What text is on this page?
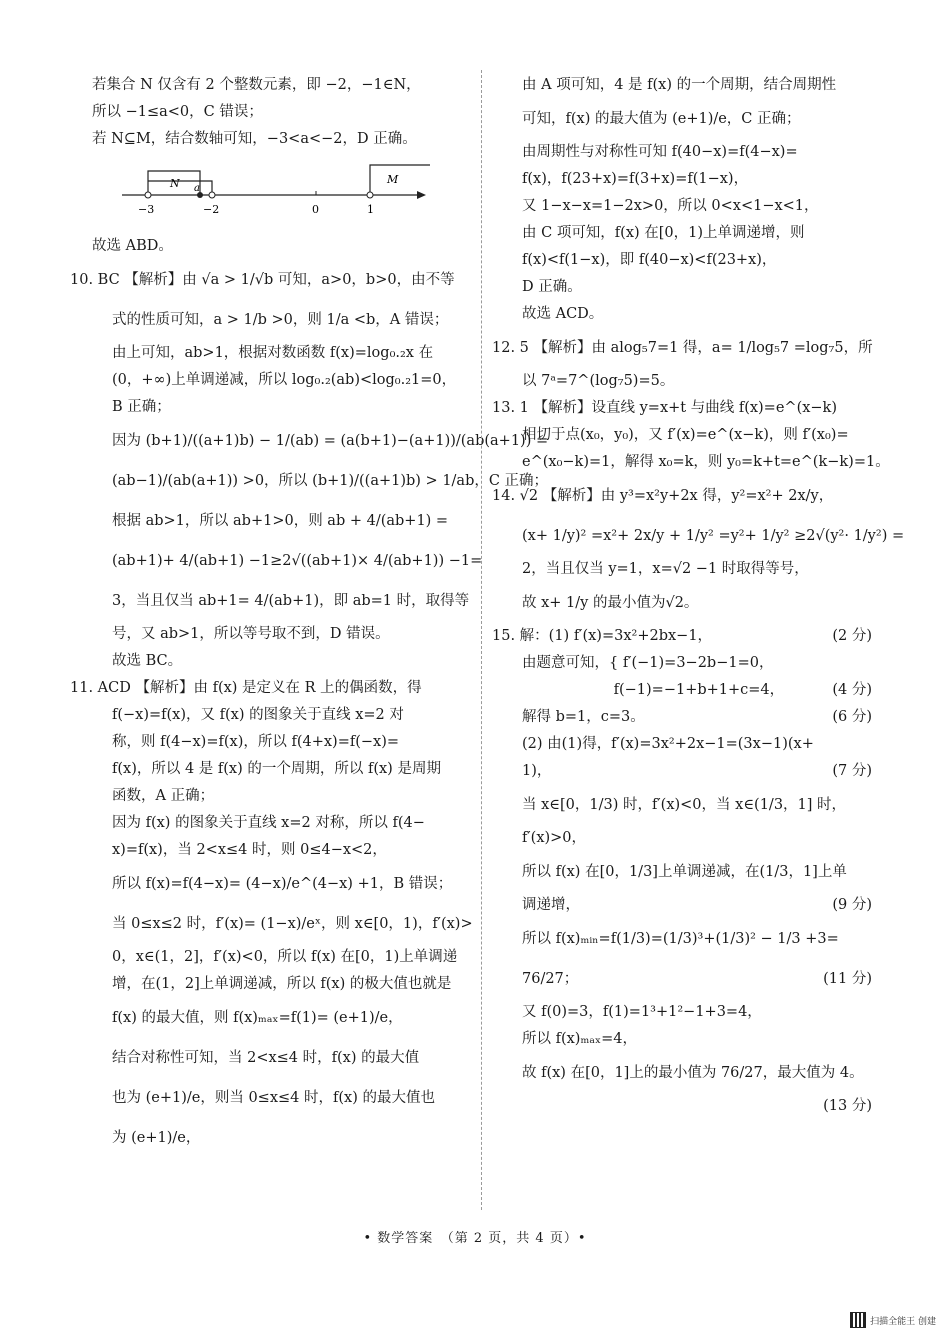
若集合 N 仅含有 2 个整数元素，即 −2，−1∈N，
所以 −1≤a<0，C 错误；
若 N⊆M，结合数轴可知，−3<a<−2，D 正确。
−3	−2	0	1
N a
M
故选 ABD。
10. BC 【解析】由 √a > 1/√b 可知，a>0，b>0，由不等
式的性质可知，a > 1/b >0，则 1/a <b，A 错误；
由上可知，ab>1，根据对数函数 f(x)=log₀.₂x 在
(0，+∞)上单调递减，所以 log₀.₂(ab)<log₀.₂1=0，
B 正确；
因为 (b+1)/((a+1)b) − 1/(ab) = (a(b+1)−(a+1))/(ab(a+1)) =
(ab−1)/(ab(a+1)) >0，所以 (b+1)/((a+1)b) > 1/ab，C 正确；
根据 ab>1，所以 ab+1>0，则 ab + 4/(ab+1) =
(ab+1)+ 4/(ab+1) −1≥2√((ab+1)× 4/(ab+1)) −1=
3，当且仅当 ab+1= 4/(ab+1)，即 ab=1 时，取得等
号，又 ab>1，所以等号取不到，D 错误。
故选 BC。
11. ACD 【解析】由 f(x) 是定义在 R 上的偶函数，得
f(−x)=f(x)，又 f(x) 的图象关于直线 x=2 对
称，则 f(4−x)=f(x)，所以 f(4+x)=f(−x)=
f(x)，所以 4 是 f(x) 的一个周期，所以 f(x) 是周期
函数，A 正确；
因为 f(x) 的图象关于直线 x=2 对称，所以 f(4−
x)=f(x)，当 2<x≤4 时，则 0≤4−x<2，
所以 f(x)=f(4−x)= (4−x)/e^(4−x) +1，B 错误；
当 0≤x≤2 时，f′(x)= (1−x)/eˣ，则 x∈[0，1)，f′(x)>
0，x∈(1，2]，f′(x)<0，所以 f(x) 在[0，1)上单调递
增，在(1，2]上单调递减，所以 f(x) 的极大值也就是
f(x) 的最大值，则 f(x)ₘₐₓ=f(1)= (e+1)/e，
结合对称性可知，当 2<x≤4 时，f(x) 的最大值
也为 (e+1)/e，则当 0≤x≤4 时，f(x) 的最大值也
为 (e+1)/e，
由 A 项可知，4 是 f(x) 的一个周期，结合周期性
可知，f(x) 的最大值为 (e+1)/e，C 正确；
由周期性与对称性可知 f(40−x)=f(4−x)=
f(x)，f(23+x)=f(3+x)=f(1−x)，
又 1−x−x=1−2x>0，所以 0<x<1−x<1，
由 C 项可知，f(x) 在[0，1)上单调递增，则
f(x)<f(1−x)，即 f(40−x)<f(23+x)，
D 正确。
故选 ACD。
12. 5 【解析】由 alog₅7=1 得，a= 1/log₅7 =log₇5，所
以 7ᵃ=7^(log₇5)=5。
13. 1 【解析】设直线 y=x+t 与曲线 f(x)=e^(x−k)
相切于点(x₀，y₀)，又 f′(x)=e^(x−k)，则 f′(x₀)=
e^(x₀−k)=1，解得 x₀=k，则 y₀=k+t=e^(k−k)=1。
14. √2 【解析】由 y³=x²y+2x 得，y²=x²+ 2x/y，
(x+ 1/y)² =x²+ 2x/y + 1/y² =y²+ 1/y² ≥2√(y²· 1/y²) =
2，当且仅当 y=1，x=√2 −1 时取得等号，
故 x+ 1/y 的最小值为√2。
15. 解：(1) f′(x)=3x²+2bx−1，	(2 分)
由题意可知，{ f′(−1)=3−2b−1=0，
　　　　　　 f(−1)=−1+b+1+c=4，	(4 分)
解得 b=1，c=3。	(6 分)
(2) 由(1)得，f′(x)=3x²+2x−1=(3x−1)(x+
1)，	(7 分)
当 x∈[0，1/3) 时，f′(x)<0，当 x∈(1/3，1] 时，
f′(x)>0，
所以 f(x) 在[0，1/3]上单调递减，在(1/3，1]上单
调递增，	(9 分)
所以 f(x)ₘᵢₙ=f(1/3)=(1/3)³+(1/3)² − 1/3 +3=
76/27；	(11 分)
又 f(0)=3，f(1)=1³+1²−1+3=4，
所以 f(x)ₘₐₓ=4，
故 f(x) 在[0，1]上的最小值为 76/27，最大值为 4。
(13 分)
• 数学答案　（第 2 页，共 4 页）•
扫描全能王 创建
